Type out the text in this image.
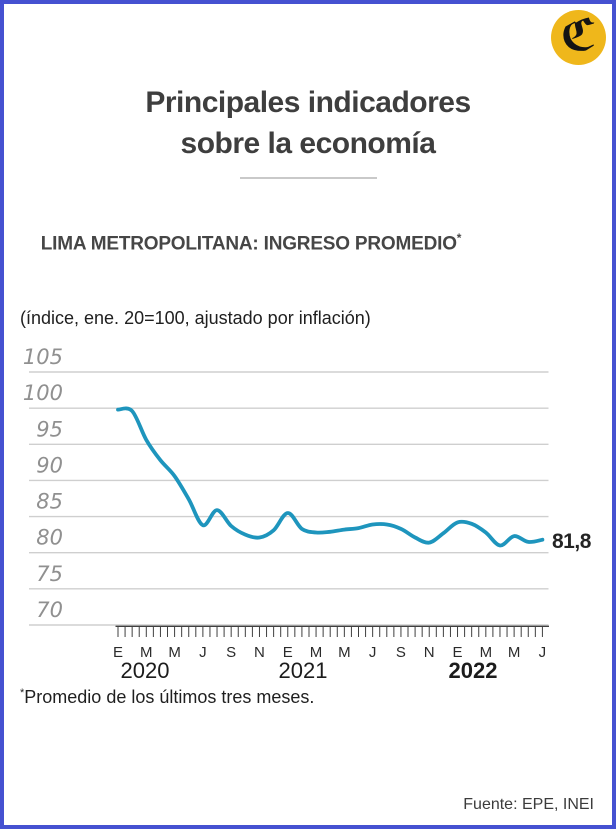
ℭ
Principales indicadores
sobre la economía
LIMA METROPOLITANA: INGRESO PROMEDIO*
(índice, ene. 20=100, ajustado por inflación)
105
100
95
90
85
80
75
70
E M M J S N E M M J S N E M M J
2020	2021	2022
81,8
*Promedio de los últimos tres meses.
Fuente: EPE, INEI
